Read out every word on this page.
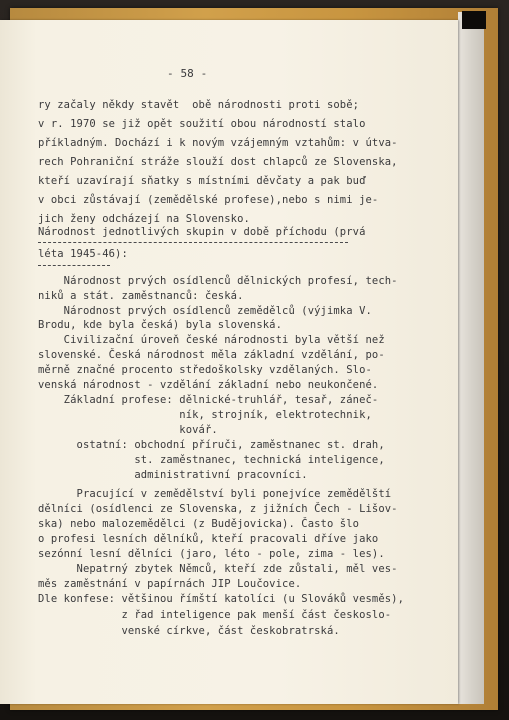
- 58 -

ry začaly někdy stavět  obě národnosti proti sobě;

v r. 1970 se již opět soužití obou národností stalo

příkladným. Dochází i k novým vzájemným vztahům: v útva-

rech Pohraniční stráže slouží dost chlapců ze Slovenska,

kteří uzavírají sňatky s místními děvčaty a pak buď

v obci zůstávají (zemědělské profese),nebo s nimi je-

jich ženy odcházejí na Slovensko.

Národnost jednotlivých skupin v době příchodu (prvá

léta 1945-46):

Národnost prvých osídlenců dělnických profesí, tech-

niků a stát. zaměstnanců: česká.

Národnost prvých osídlenců zemědělců (výjimka V.

Brodu, kde byla česká) byla slovenská.

Civilizační úroveň české národnosti byla větší než

slovenské. Česká národnost měla základní vzdělání, po-

měrně značné procento středoškolsky vzdělaných. Slo-

venská národnost - vzdělání základní nebo neukončené.

Základní profese: dělnické-truhlář, tesař, záneč-

ník, strojník, elektrotechnik,

kovář.

ostatní: obchodní příruči, zaměstnanec st. drah,

st. zaměstnanec, technická inteligence,

administrativní pracovníci.

Pracující v zemědělství byli ponejvíce zemědělští

dělníci (osídlenci ze Slovenska, z jižních Čech - Lišov-

ska) nebo malozemědělci (z Budějovicka). Často šlo

o profesi lesních dělníků, kteří pracovali dříve jako

sezónní lesní dělníci (jaro, léto - pole, zima - les).

Nepatrný zbytek Němců, kteří zde zůstali, měl ves-

měs zaměstnání v papírnách JIP Loučovice.

Dle konfese: většinou římští katolíci (u Slováků vesměs),

z řad inteligence pak menší část českoslo-

venské církve, část českobratrská.
